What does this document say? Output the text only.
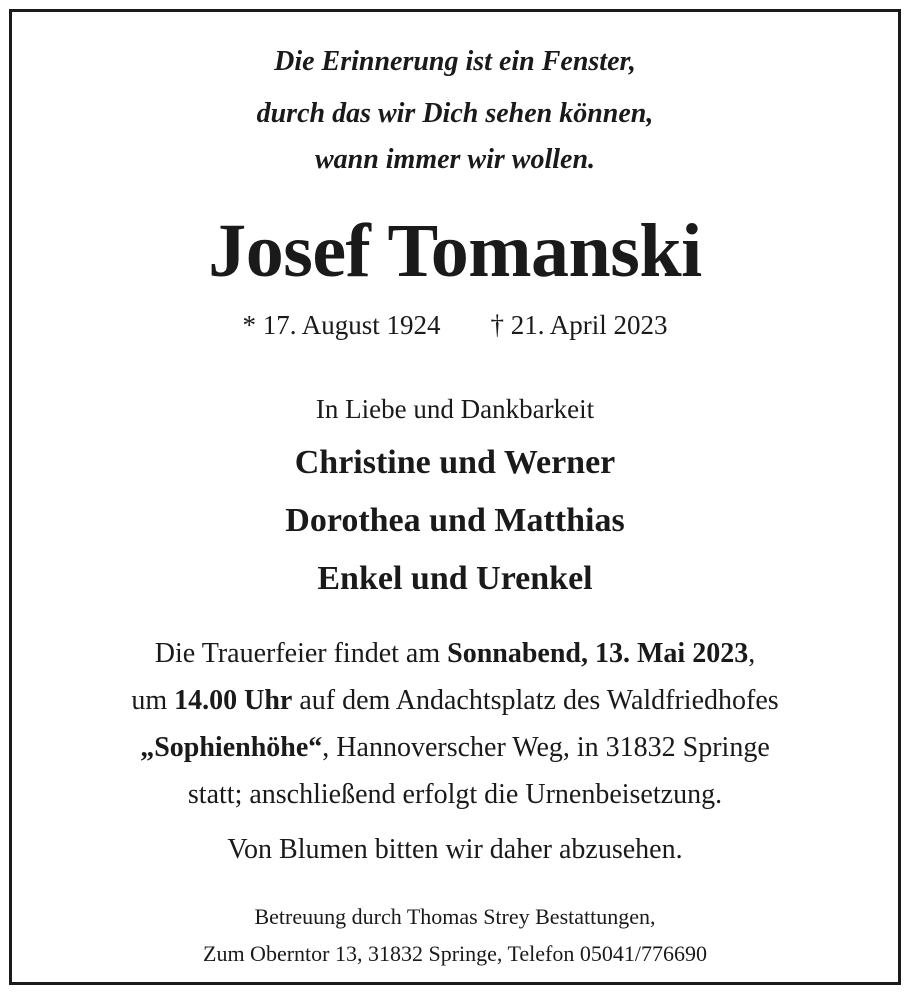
Die Erinnerung ist ein Fenster,
durch das wir Dich sehen können,
wann immer wir wollen.
Josef Tomanski
* 17. August 1924 † 21. April 2023
In Liebe und Dankbarkeit
Christine und Werner
Dorothea und Matthias
Enkel und Urenkel
Die Trauerfeier findet am Sonnabend, 13. Mai 2023,
um 14.00 Uhr auf dem Andachtsplatz des Waldfriedhofes
„Sophienhöhe“, Hannoverscher Weg, in 31832 Springe
statt; anschließend erfolgt die Urnenbeisetzung.
Von Blumen bitten wir daher abzusehen.
Betreuung durch Thomas Strey Bestattungen,
Zum Oberntor 13, 31832 Springe, Telefon 05041/776690
